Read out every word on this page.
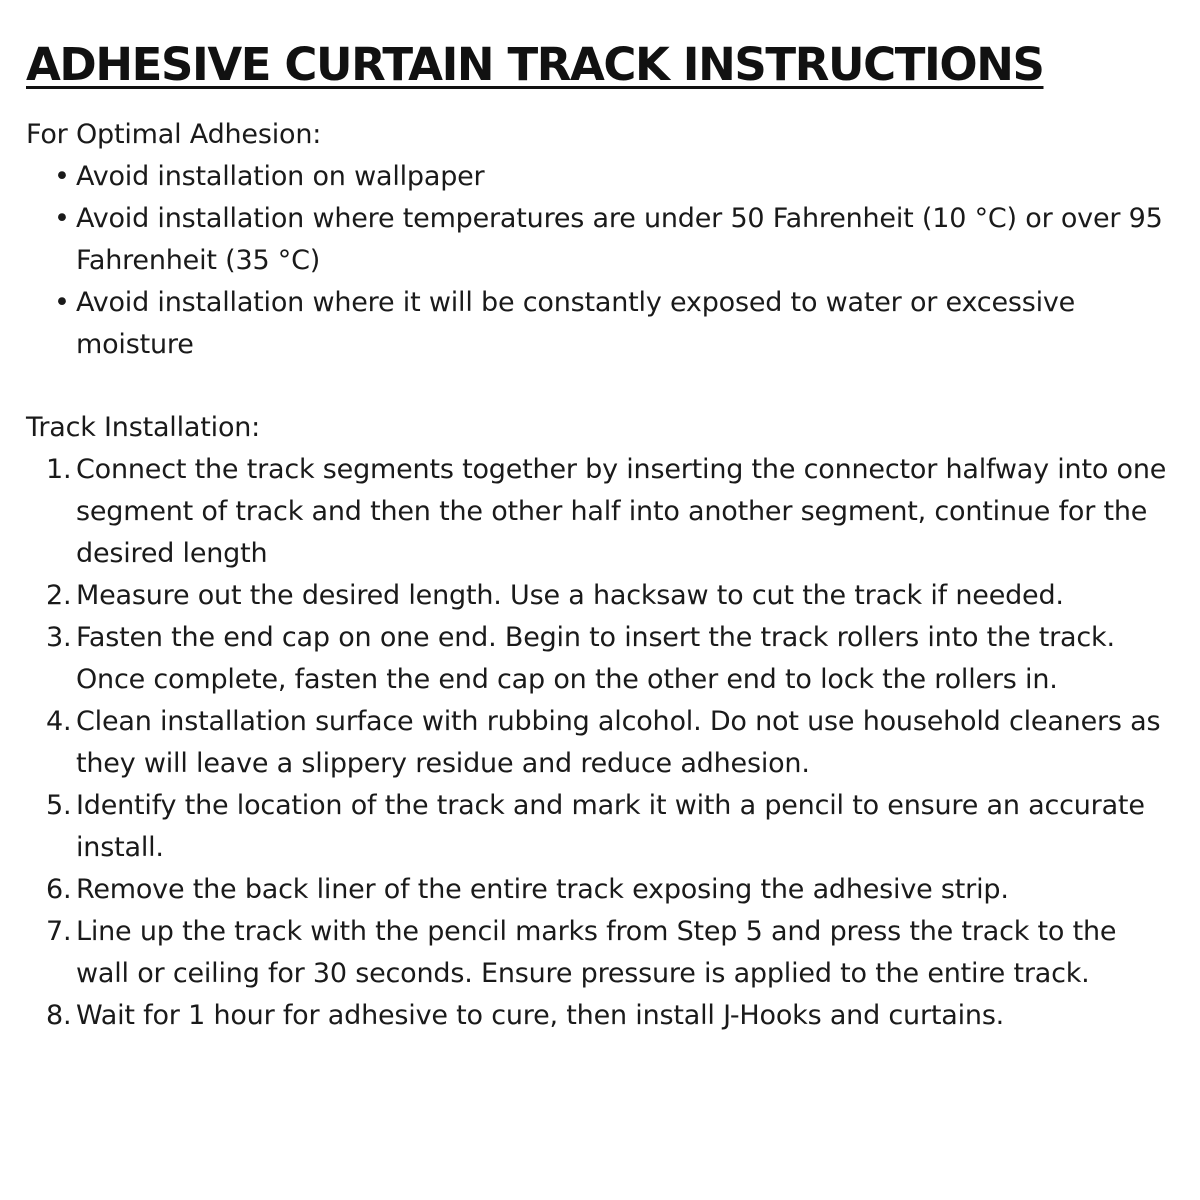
ADHESIVE CURTAIN TRACK INSTRUCTIONS
For Optimal Adhesion:
• Avoid installation on wallpaper
• Avoid installation where temperatures are under 50 Fahrenheit (10 °C) or over 95 Fahrenheit (35 °C)
• Avoid installation where it will be constantly exposed to water or excessive moisture
Track Installation:
1. Connect the track segments together by inserting the connector halfway into one segment of track and then the other half into another segment, continue for the desired length
2. Measure out the desired length. Use a hacksaw to cut the track if needed.
3. Fasten the end cap on one end. Begin to insert the track rollers into the track. Once complete, fasten the end cap on the other end to lock the rollers in.
4. Clean installation surface with rubbing alcohol. Do not use household cleaners as they will leave a slippery residue and reduce adhesion.
5. Identify the location of the track and mark it with a pencil to ensure an accurate install.
6. Remove the back liner of the entire track exposing the adhesive strip.
7. Line up the track with the pencil marks from Step 5 and press the track to the wall or ceiling for 30 seconds. Ensure pressure is applied to the entire track.
8. Wait for 1 hour for adhesive to cure, then install J-Hooks and curtains.
